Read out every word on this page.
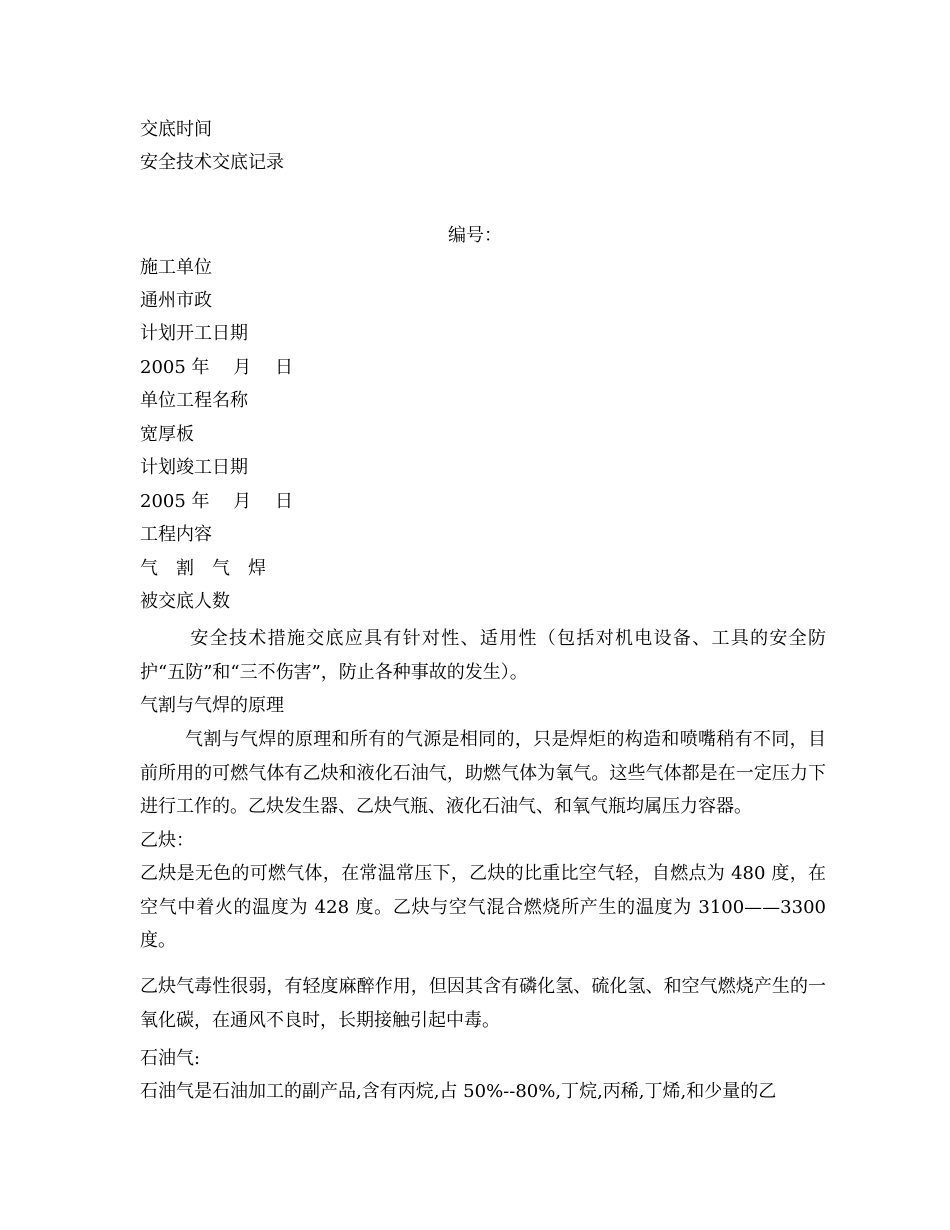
交底时间
安全技术交底记录
编号：
施工单位
通州市政
计划开工日期
2005 年　 月　 日
单位工程名称
宽厚板
计划竣工日期
2005 年　 月　 日
工程内容
气　割　气　焊
被交底人数
安全技术措施交底应具有针对性、适用性（包括对机电设备、工具的安全防护“五防”和“三不伤害”，防止各种事故的发生）。
气割与气焊的原理
气割与气焊的原理和所有的气源是相同的，只是焊炬的构造和喷嘴稍有不同，目前所用的可燃气体有乙炔和液化石油气，助燃气体为氧气。这些气体都是在一定压力下进行工作的。乙炔发生器、乙炔气瓶、液化石油气、和氧气瓶均属压力容器。
乙炔：
乙炔是无色的可燃气体，在常温常压下，乙炔的比重比空气轻，自燃点为 480 度，在空气中着火的温度为 428 度。乙炔与空气混合燃烧所产生的温度为 3100——3300 度。
乙炔气毒性很弱，有轻度麻醉作用，但因其含有磷化氢、硫化氢、和空气燃烧产生的一氧化碳，在通风不良时，长期接触引起中毒。
石油气:
石油气是石油加工的副产品,含有丙烷,占 50%--80%,丁烷,丙稀,丁烯,和少量的乙
